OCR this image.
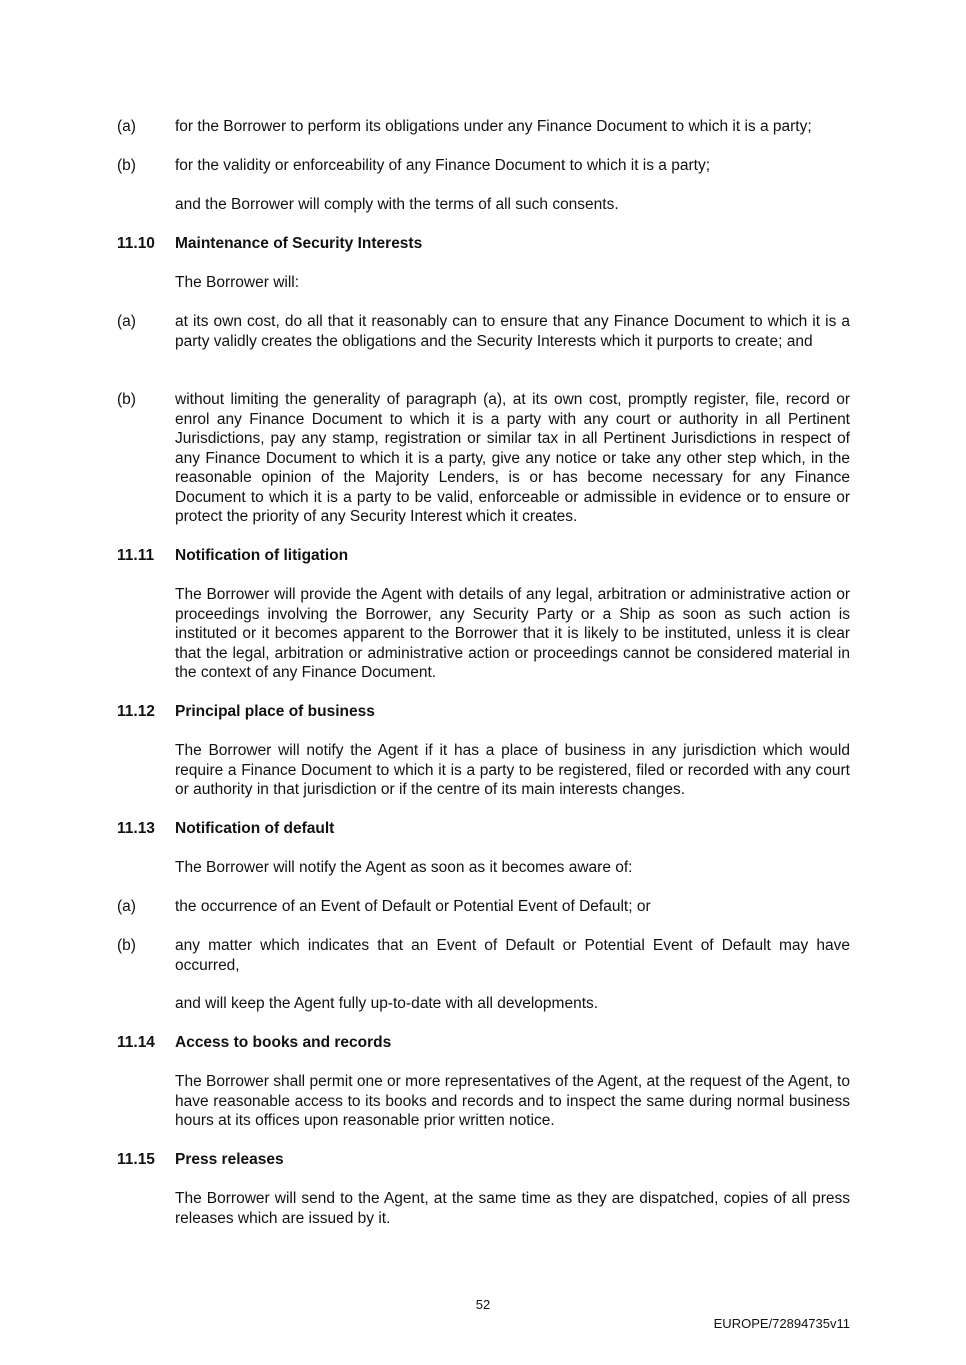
(a)	for the Borrower to perform its obligations under any Finance Document to which it is a party;
(b)	for the validity or enforceability of any Finance Document to which it is a party;
and the Borrower will comply with the terms of all such consents.
11.10	Maintenance of Security Interests
The Borrower will:
(a)	at its own cost, do all that it reasonably can to ensure that any Finance Document to which it is a party validly creates the obligations and the Security Interests which it purports to create; and
(b)	without limiting the generality of paragraph (a), at its own cost, promptly register, file, record or enrol any Finance Document to which it is a party with any court or authority in all Pertinent Jurisdictions, pay any stamp, registration or similar tax in all Pertinent Jurisdictions in respect of any Finance Document to which it is a party, give any notice or take any other step which, in the reasonable opinion of the Majority Lenders, is or has become necessary for any Finance Document to which it is a party to be valid, enforceable or admissible in evidence or to ensure or protect the priority of any Security Interest which it creates.
11.11	Notification of litigation
The Borrower will provide the Agent with details of any legal, arbitration or administrative action or proceedings involving the Borrower, any Security Party or a Ship as soon as such action is instituted or it becomes apparent to the Borrower that it is likely to be instituted, unless it is clear that the legal, arbitration or administrative action or proceedings cannot be considered material in the context of any Finance Document.
11.12	Principal place of business
The Borrower will notify the Agent if it has a place of business in any jurisdiction which would require a Finance Document to which it is a party to be registered, filed or recorded with any court or authority in that jurisdiction or if the centre of its main interests changes.
11.13	Notification of default
The Borrower will notify the Agent as soon as it becomes aware of:
(a)	the occurrence of an Event of Default or Potential Event of Default; or
(b)	any matter which indicates that an Event of Default or Potential Event of Default may have occurred,
and will keep the Agent fully up-to-date with all developments.
11.14	Access to books and records
The Borrower shall permit one or more representatives of the Agent, at the request of the Agent, to have reasonable access to its books and records and to inspect the same during normal business hours at its offices upon reasonable prior written notice.
11.15	Press releases
The Borrower will send to the Agent, at the same time as they are dispatched, copies of all press releases which are issued by it.
52
EUROPE/72894735v11
